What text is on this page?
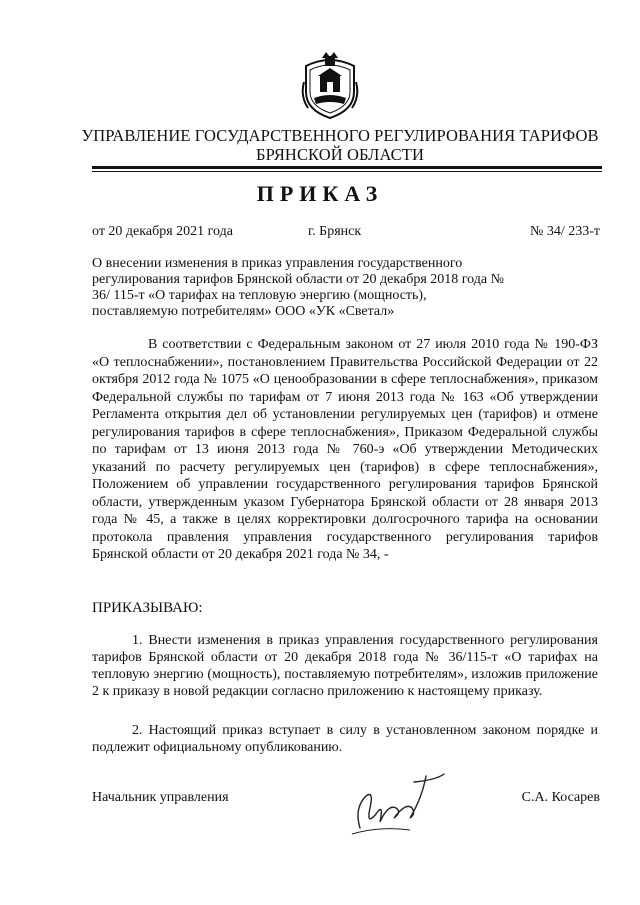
УПРАВЛЕНИЕ ГОСУДАРСТВЕННОГО РЕГУЛИРОВАНИЯ ТАРИФОВ
БРЯНСКОЙ ОБЛАСТИ
ПРИКАЗ
от 20 декабря 2021 года	г. Брянск	№ 34/ 233-т
О внесении изменения в приказ управления государственного регулирования тарифов Брянской области от 20 декабря 2018 года № 36/ 115-т «О тарифах на тепловую энергию (мощность), поставляемую потребителям» ООО «УК «Светал»
В соответствии с Федеральным законом от 27 июля 2010 года № 190-ФЗ «О теплоснабжении», постановлением Правительства Российской Федерации от 22 октября 2012 года № 1075 «О ценообразовании в сфере теплоснабжения», приказом Федеральной службы по тарифам от 7 июня 2013 года № 163 «Об утверждении Регламента открытия дел об установлении регулируемых цен (тарифов) и отмене регулирования тарифов в сфере теплоснабжения», Приказом Федеральной службы по тарифам от 13 июня 2013 года № 760-э «Об утверждении Методических указаний по расчету регулируемых цен (тарифов) в сфере теплоснабжения», Положением об управлении государственного регулирования тарифов Брянской области, утвержденным указом Губернатора Брянской области от 28 января 2013 года № 45, а также в целях корректировки долгосрочного тарифа на основании протокола правления управления государственного регулирования тарифов Брянской области от 20 декабря 2021 года № 34, -
ПРИКАЗЫВАЮ:
1. Внести изменения в приказ управления государственного регулирования тарифов Брянской области от 20 декабря 2018 года № 36/115-т «О тарифах на тепловую энергию (мощность), поставляемую потребителям», изложив приложение 2 к приказу в новой редакции согласно приложению к настоящему приказу.
2. Настоящий приказ вступает в силу в установленном законом порядке и подлежит официальному опубликованию.
Начальник управления	С.А. Косарев
